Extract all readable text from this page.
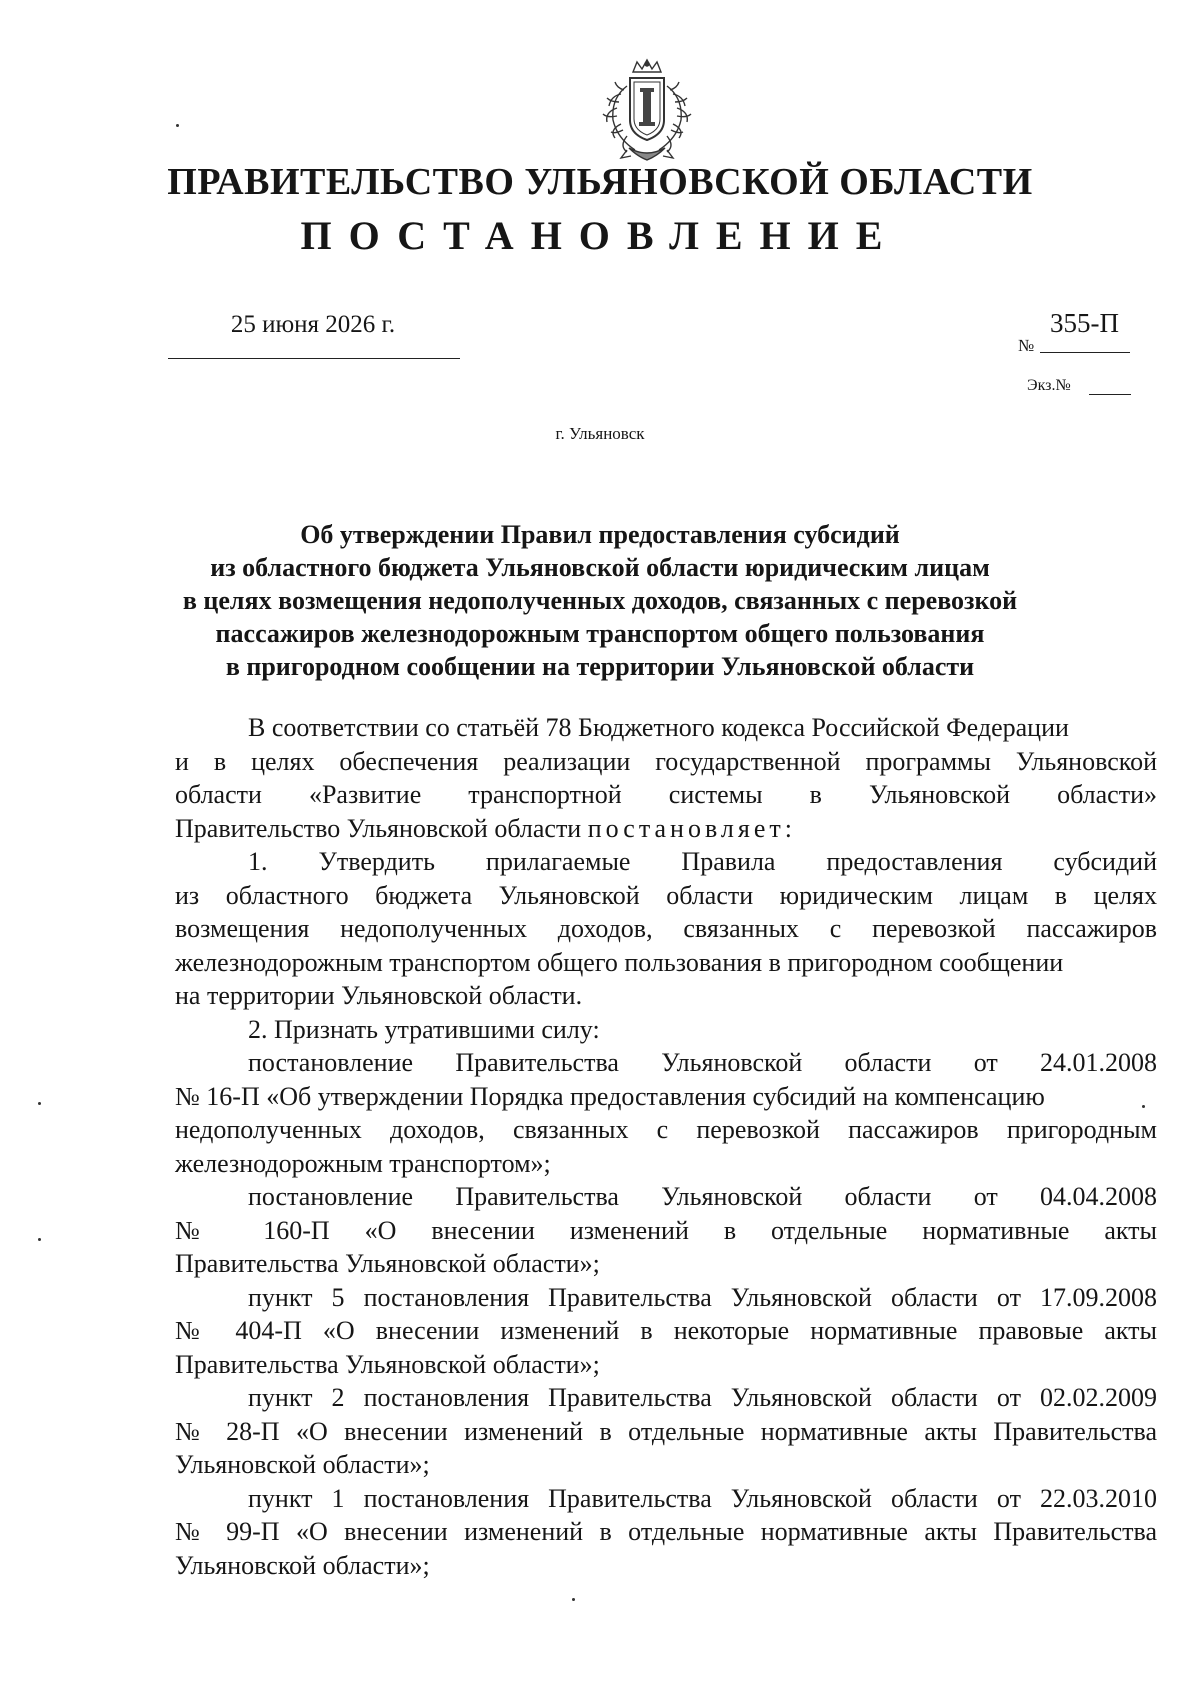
ПРАВИТЕЛЬСТВО УЛЬЯНОВСКОЙ ОБЛАСТИ
ПОСТАНОВЛЕНИЕ
25 июня 2026 г.
№
355-П
Экз.№
г. Ульяновск
Об утверждении Правил предоставления субсидий
из областного бюджета Ульяновской области юридическим лицам
в целях возмещения недополученных доходов, связанных с перевозкой
пассажиров железнодорожным транспортом общего пользования
в пригородном сообщении на территории Ульяновской области
В соответствии со статьёй 78 Бюджетного кодекса Российской Федерации
и в целях обеспечения реализации государственной программы Ульяновской
области «Развитие транспортной системы в Ульяновской области»
Правительство Ульяновской области постановляет:
1. Утвердить прилагаемые Правила предоставления субсидий
из областного бюджета Ульяновской области юридическим лицам в целях
возмещения недополученных доходов, связанных с перевозкой пассажиров
железнодорожным транспортом общего пользования в пригородном сообщении
на территории Ульяновской области.
2. Признать утратившими силу:
постановление Правительства Ульяновской области от 24.01.2008
№ 16-П «Об утверждении Порядка предоставления субсидий на компенсацию
недополученных доходов, связанных с перевозкой пассажиров пригородным
железнодорожным транспортом»;
постановление Правительства Ульяновской области от 04.04.2008
№ 160-П «О внесении изменений в отдельные нормативные акты
Правительства Ульяновской области»;
пункт 5 постановления Правительства Ульяновской области от 17.09.2008
№ 404-П «О внесении изменений в некоторые нормативные правовые акты
Правительства Ульяновской области»;
пункт 2 постановления Правительства Ульяновской области от 02.02.2009
№ 28-П «О внесении изменений в отдельные нормативные акты Правительства
Ульяновской области»;
пункт 1 постановления Правительства Ульяновской области от 22.03.2010
№ 99-П «О внесении изменений в отдельные нормативные акты Правительства
Ульяновской области»;
